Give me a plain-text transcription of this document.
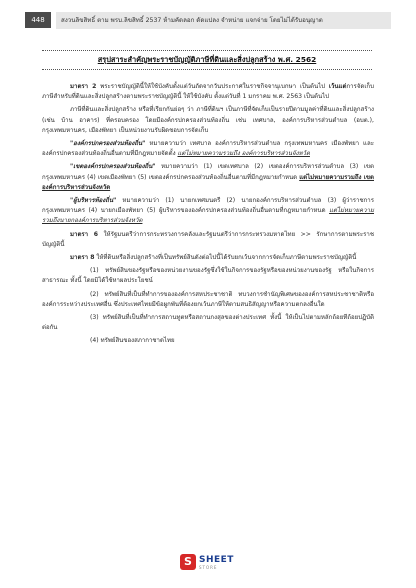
448	สงวนลิขสิทธิ์ ตาม พรบ.ลิขสิทธิ์ 2537 ห้ามคัดลอก ดัดแปลง จำหน่าย แจกจ่าย โดยไม่ได้รับอนุญาต
สรุปสาระสำคัญพระราชบัญญัติภาษีที่ดินและสิ่งปลูกสร้าง พ.ศ. 2562

มาตรา 2 พระราชบัญญัตินี้ให้ใช้บังคับตั้งแต่วันถัดจากวันประกาศในราชกิจจานุเบกษา เป็นต้นไป เว้นแต่การจัดเก็บภาษีสำหรับที่ดินและสิ่งปลูกสร้างตามพระราชบัญญัตินี้ ให้ใช้บังคับ ตั้งแต่วันที่ 1 มกราคม พ.ศ. 2563 เป็นต้นไป

ภาษีที่ดินและสิ่งปลูกสร้าง หรือที่เรียกกันย่อๆ ว่า ภาษีที่ดินฯ เป็นภาษีที่จัดเก็บเป็นรายปีตามมูลค่าที่ดินและสิ่งปลูกสร้าง (เช่น บ้าน อาคาร) ที่ครอบครอง โดยมีองค์กรปกครองส่วนท้องถิ่น เช่น เทศบาล, องค์การบริหารส่วนตำบล (อบต.), กรุงเทพมหานคร, เมืองพัทยา เป็นหน่วยงานรับผิดชอบการจัดเก็บ

"องค์กรปกครองส่วนท้องถิ่น" หมายความว่า เทศบาล องค์การบริหารส่วนตำบล กรุงเทพมหานคร เมืองพัทยา และองค์กรปกครองส่วนท้องถิ่นอื่นตามที่มีกฎหมายจัดตั้ง แต่ไม่หมายความรวมถึง องค์การบริหารส่วนจังหวัด

"เขตองค์กรปกครองส่วนท้องถิ่น" หมายความว่า (1) เขตเทศบาล (2) เขตองค์การบริหารส่วนตำบล (3) เขตกรุงเทพมหานคร (4) เขตเมืองพัทยา (5) เขตองค์กรปกครองส่วนท้องถิ่นอื่นตามที่มีกฎหมายกำหนด แต่ไม่หมายความรวมถึง เขตองค์การบริหารส่วนจังหวัด

"ผู้บริหารท้องถิ่น" หมายความว่า (1) นายกเทศมนตรี (2) นายกองค์การบริหารส่วนตำบล (3) ผู้ว่าราชการกรุงเทพมหานคร (4) นายกเมืองพัทยา (5) ผู้บริหารขององค์กรปกครองส่วนท้องถิ่นอื่นตามที่กฎหมายกำหนด แต่ไม่หมายความรวมถึงนายกองค์การบริหารส่วนจังหวัด

มาตรา 6 ให้รัฐมนตรีว่าการกระทรวงการคลังและรัฐมนตรีว่าการกระทรวงมหาดไทย >> รักษาการตามพระราชบัญญัตินี้

มาตรา 8 ให้ที่ดินหรือสิ่งปลูกสร้างที่เป็นทรัพย์สินดังต่อไปนี้ได้รับยกเว้นจากการจัดเก็บภาษีตามพระราชบัญญัตินี้

(1) ทรัพย์สินของรัฐหรือของหน่วยงานของรัฐซึ่งใช้ในกิจการของรัฐหรือของหน่วยงานของรัฐ หรือในกิจการสาธารณะ ทั้งนี้ โดยมิได้ใช้หาผลประโยชน์

(2) ทรัพย์สินที่เป็นที่ทำการขององค์การสหประชาชาติ ทบวงการชำนัญพิเศษขององค์การสหประชาชาติหรือองค์การระหว่างประเทศอื่น ซึ่งประเทศไทยมีข้อผูกพันที่ต้องยกเว้นภาษีให้ตามสนธิสัญญาหรือความตกลงอื่นใด

(3) ทรัพย์สินที่เป็นที่ทำการสถานทูตหรือสถานกงสุลของต่างประเทศ ทั้งนี้ ให้เป็นไปตามหลักถ้อยทีถ้อยปฏิบัติต่อกัน

(4) ทรัพย์สินของสภากาชาดไทย

S SHEET
STORE
